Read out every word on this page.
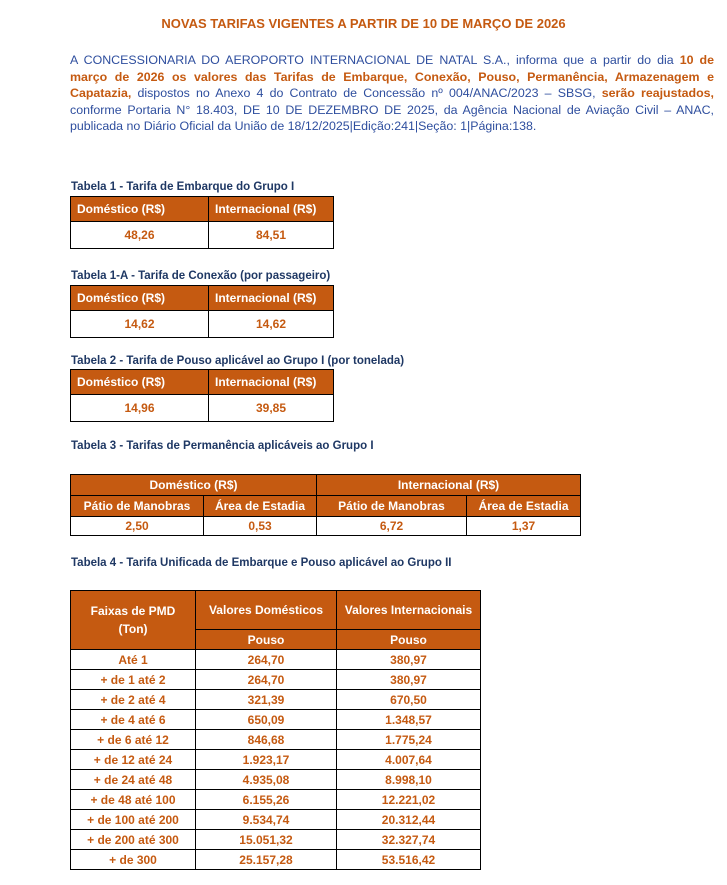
NOVAS TARIFAS VIGENTES A PARTIR DE 10 DE MARÇO DE 2026
A CONCESSIONARIA DO AEROPORTO INTERNACIONAL DE NATAL S.A., informa que a partir do dia 10 de março de 2026 os valores das Tarifas de Embarque, Conexão, Pouso, Permanência, Armazenagem e Capatazia, dispostos no Anexo 4 do Contrato de Concessão nº 004/ANAC/2023 – SBSG, serão reajustados, conforme Portaria N° 18.403, DE 10 DE DEZEMBRO DE 2025, da Agência Nacional de Aviação Civil – ANAC, publicada no Diário Oficial da União de 18/12/2025|Edição:241|Seção: 1|Página:138.
Tabela 1 - Tarifa de Embarque do Grupo I
Doméstico (R$)	Internacional (R$)
48,26	84,51
Tabela 1-A - Tarifa de Conexão (por passageiro)
Doméstico (R$)	Internacional (R$)
14,62	14,62
Tabela 2 - Tarifa de Pouso aplicável ao Grupo I (por tonelada)
Doméstico (R$)	Internacional (R$)
14,96	39,85
Tabela 3 - Tarifas de Permanência aplicáveis ao Grupo I
Doméstico (R$)		Internacional (R$)	
Pátio de Manobras	Área de Estadia	Pátio de Manobras	Área de Estadia
2,50	0,53	6,72	1,37
Tabela 4 - Tarifa Unificada de Embarque e Pouso aplicável ao Grupo II
Faixas de PMD (Ton)	Valores Domésticos	Valores Internacionais
	Pouso	Pouso
Até 1	264,70	380,97
+ de 1 até 2	264,70	380,97
+ de 2 até 4	321,39	670,50
+ de 4 até 6	650,09	1.348,57
+ de 6 até 12	846,68	1.775,24
+ de 12 até 24	1.923,17	4.007,64
+ de 24 até 48	4.935,08	8.998,10
+ de 48 até 100	6.155,26	12.221,02
+ de 100 até 200	9.534,74	20.312,44
+ de 200 até 300	15.051,32	32.327,74
+ de 300	25.157,28	53.516,42
